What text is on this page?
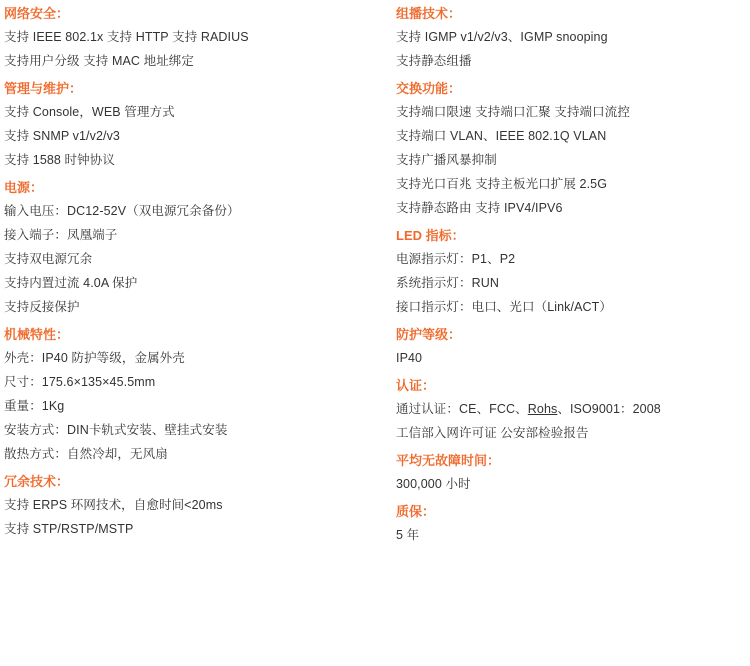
网络安全：
支持 IEEE 802.1x 支持 HTTP 支持 RADIUS
支持用户分级 支持 MAC 地址绑定
管理与维护：
支持 Console，WEB 管理方式
支持 SNMP v1/v2/v3
支持 1588 时钟协议
电源：
输入电压：DC12-52V（双电源冗余备份）
接入端子：凤凰端子
支持双电源冗余
支持内置过流 4.0A 保护
支持反接保护
机械特性：
外壳：IP40 防护等级，金属外壳
尺寸：175.6×135×45.5mm
重量：1Kg
安装方式：DIN卡轨式安装、壁挂式安装
散热方式：自然冷却，无风扇
冗余技术：
支持 ERPS 环网技术，自愈时间<20ms
支持 STP/RSTP/MSTP
组播技术：
支持 IGMP v1/v2/v3、IGMP snooping
支持静态组播
交换功能：
支持端口限速 支持端口汇聚 支持端口流控
支持端口 VLAN、IEEE 802.1Q VLAN
支持广播风暴抑制
支持光口百兆 支持主板光口扩展 2.5G
支持静态路由 支持 IPV4/IPV6
LED 指标：
电源指示灯：P1、P2
系统指示灯：RUN
接口指示灯：电口、光口（Link/ACT）
防护等级：
IP40
认证：
通过认证：CE、FCC、Rohs、ISO9001：2008
工信部入网许可证 公安部检验报告
平均无故障时间：
300,000 小时
质保：
5 年
